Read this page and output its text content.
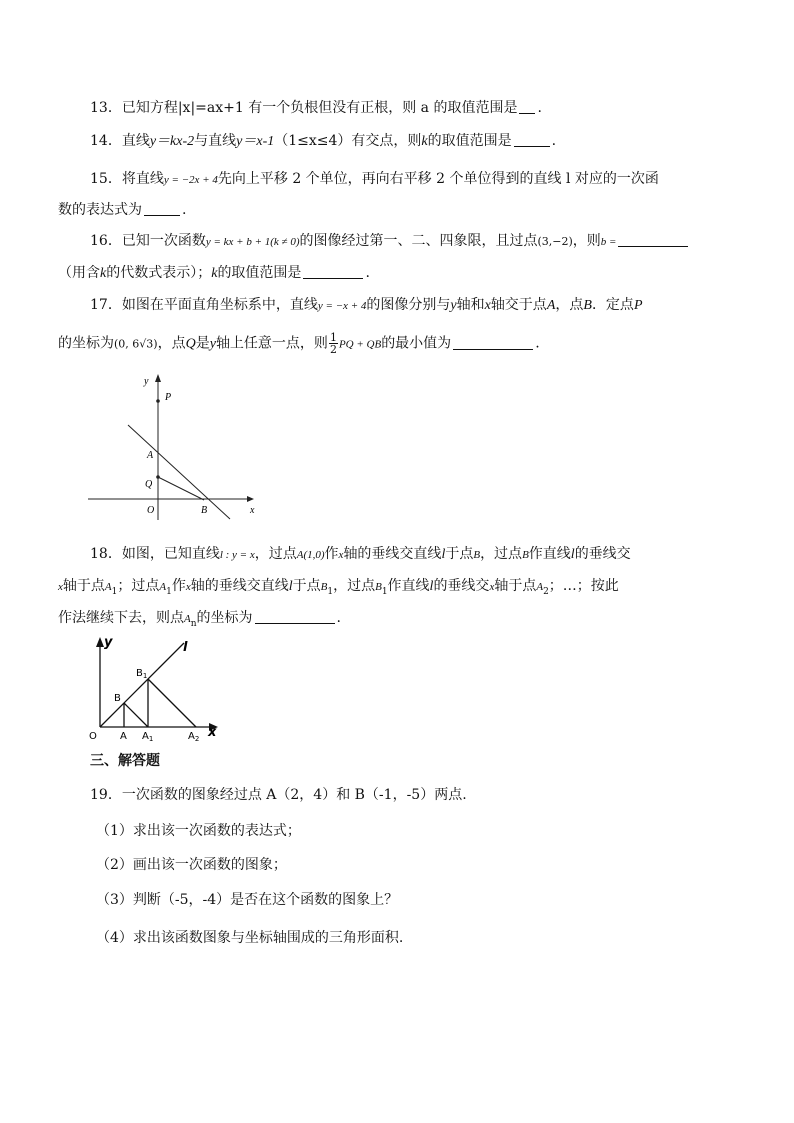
13．已知方程|x|=ax+1 有一个负根但没有正根，则 a 的取值范围是 .
14．直线y＝kx-2与直线y＝x-1（1≤x≤4）有交点，则k的取值范围是	.
15．将直线y = −2x + 4先向上平移 2 个单位，再向右平移 2 个单位得到的直线 l 对应的一次函
数的表达式为	.
16．已知一次函数y = kx + b + 1(k ≠ 0)的图像经过第一、二、四象限，且过点(3,−2)，则b =
（用含k的代数式表示）；k的取值范围是	.
17．如图在平面直角坐标系中，直线y = −x + 4的图像分别与y轴和x轴交于点A，点B．定点P
的坐标为(0, 6√3)，点Q是y轴上任意一点，则 $\frac{1}{2}$ PQ + QB的最小值为	.
y
x
P
A
Q
O	B
18．如图，已知直线l : y = x，过点A(1,0)作x轴的垂线交直线l于点B，过点B作直线l的垂线交
x轴于点$A_1$；过点$A_1$作x轴的垂线交直线l于点$B_1$，过点$B_1$作直线l的垂线交x轴于点$A_2$；…；按此
作法继续下去，则点$A_n$的坐标为	.
y	l
x
O A $A_1$	$A_2$
B
$B_1$
三、解答题
19．一次函数的图象经过点 A（2，4）和 B（-1，-5）两点.
（1）求出该一次函数的表达式；
（2）画出该一次函数的图象；
（3）判断（-5，-4）是否在这个函数的图象上？
（4）求出该函数图象与坐标轴围成的三角形面积.
